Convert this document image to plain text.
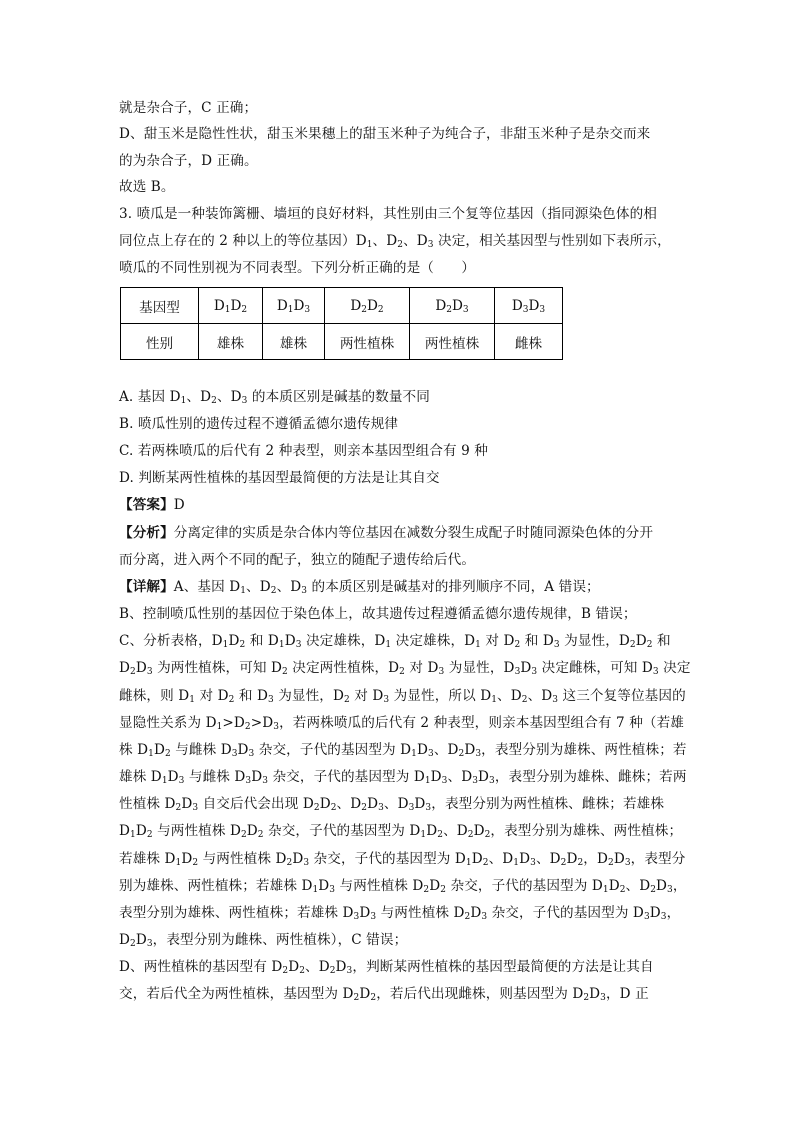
就是杂合子，C 正确；
D、甜玉米是隐性性状，甜玉米果穗上的甜玉米种子为纯合子，非甜玉米种子是杂交而来
的为杂合子，D 正确。
故选 B。
3. 喷瓜是一种装饰篱栅、墙垣的良好材料，其性别由三个复等位基因（指同源染色体的相
同位点上存在的 2 种以上的等位基因）$D_1$、$D_2$、$D_3$ 决定，相关基因型与性别如下表所示，
喷瓜的不同性别视为不同表型。下列分析正确的是（　　）
A. 基因 $D_1$、$D_2$、$D_3$ 的本质区别是碱基的数量不同
B. 喷瓜性别的遗传过程不遵循孟德尔遗传规律
C. 若两株喷瓜的后代有 2 种表型，则亲本基因型组合有 9 种
D. 判断某两性植株的基因型最简便的方法是让其自交
【答案】D
【分析】分离定律的实质是杂合体内等位基因在减数分裂生成配子时随同源染色体的分开
而分离，进入两个不同的配子，独立的随配子遗传给后代。
【详解】A、基因 $D_1$、$D_2$、$D_3$ 的本质区别是碱基对的排列顺序不同，A 错误；
B、控制喷瓜性别的基因位于染色体上，故其遗传过程遵循孟德尔遗传规律，B 错误；
C、分析表格，$D_1D_2$ 和 $D_1D_3$ 决定雄株，$D_1$ 决定雄株，$D_1$ 对 $D_2$ 和 $D_3$ 为显性，$D_2D_2$ 和
$D_2D_3$ 为两性植株，可知 $D_2$ 决定两性植株，$D_2$ 对 $D_3$ 为显性，$D_3D_3$ 决定雌株，可知 $D_3$ 决定
雌株，则 $D_1$ 对 $D_2$ 和 $D_3$ 为显性，$D_2$ 对 $D_3$ 为显性，所以 $D_1$、$D_2$、$D_3$ 这三个复等位基因的
显隐性关系为 $D_1>D_2>D_3$，若两株喷瓜的后代有 2 种表型，则亲本基因型组合有 7 种（若雄
株 $D_1D_2$ 与雌株 $D_3D_3$ 杂交，子代的基因型为 $D_1D_3$、$D_2D_3$，表型分别为雄株、两性植株；若
雄株 $D_1D_3$ 与雌株 $D_3D_3$ 杂交，子代的基因型为 $D_1D_3$、$D_3D_3$，表型分别为雄株、雌株；若两
性植株 $D_2D_3$ 自交后代会出现 $D_2D_2$、$D_2D_3$、$D_3D_3$，表型分别为两性植株、雌株；若雄株
$D_1D_2$ 与两性植株 $D_2D_2$ 杂交，子代的基因型为 $D_1D_2$、$D_2D_2$，表型分别为雄株、两性植株；
若雄株 $D_1D_2$ 与两性植株 $D_2D_3$ 杂交，子代的基因型为 $D_1D_2$、$D_1D_3$、$D_2D_2$，$D_2D_3$，表型分
别为雄株、两性植株；若雄株 $D_1D_3$ 与两性植株 $D_2D_2$ 杂交，子代的基因型为 $D_1D_2$、$D_2D_3$，
表型分别为雄株、两性植株；若雄株 $D_3D_3$ 与两性植株 $D_2D_3$ 杂交，子代的基因型为 $D_3D_3$，
$D_2D_3$，表型分别为雌株、两性植株），C 错误；
D、两性植株的基因型有 $D_2D_2$、$D_2D_3$，判断某两性植株的基因型最简便的方法是让其自
交，若后代全为两性植株，基因型为 $D_2D_2$，若后代出现雌株，则基因型为 $D_2D_3$，D 正
基因型	$D_1D_2$	$D_1D_3$	$D_2D_2$	$D_2D_3$	$D_3D_3$
性别	雄株	雄株	两性植株	两性植株	雌株
